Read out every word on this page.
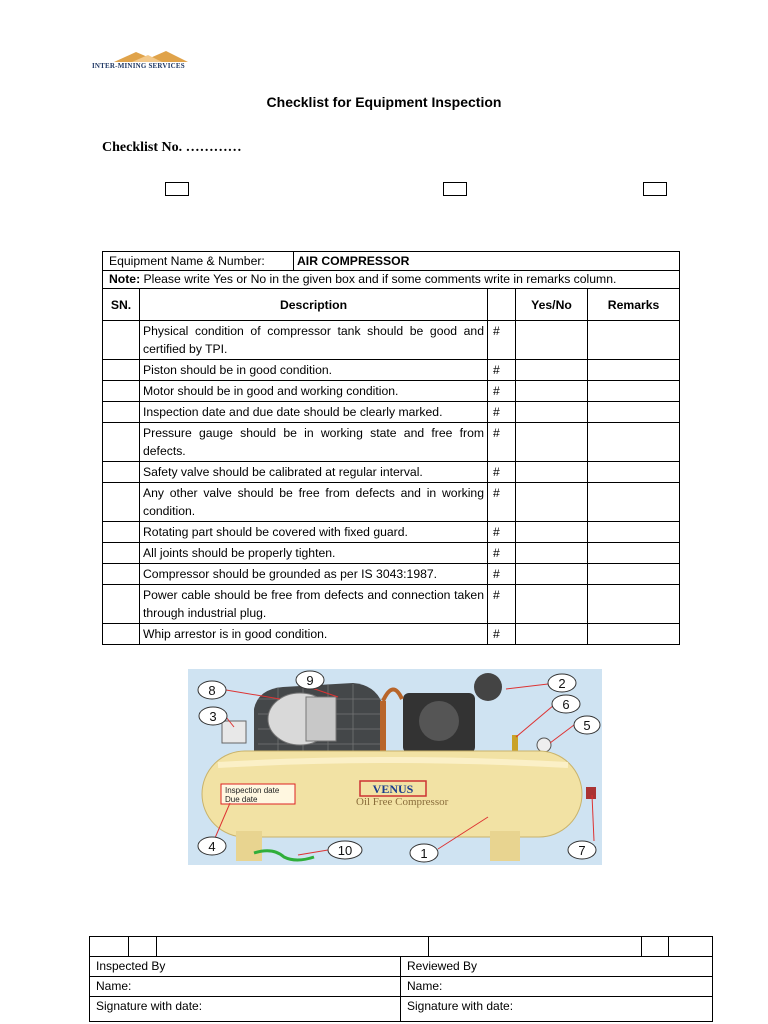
INTER-MINING SERVICES
Checklist for Equipment Inspection
Checklist No. …………
Equipment Name & Number: AIR COMPRESSOR				
Note: Please write Yes or No in the given box and if some comments write in remarks column.				
SN.	Description		Yes/No	Remarks
	Physical condition of compressor tank should be good and certified by TPI.	#		
	Piston should be in good condition.	#		
	Motor should be in good and working condition.	#		
	Inspection date and due date should be clearly marked.	#		
	Pressure gauge should be in working state and free from defects.	#		
	Safety valve should be calibrated at regular interval.	#		
	Any other valve should be free from defects and in working condition.	#		
	Rotating part should be covered with fixed guard.	#		
	All joints should be properly tighten.	#		
	Compressor should be grounded as per IS 3043:1987.	#		
	Power cable should be free from defects and connection taken through industrial plug.	#		
	Whip arrestor is in good condition.	#		
VENUS
Oil Free Compressor
Inspection date
Due date
8
9
3
2
6
5
4	10	1	7

Inspected By			Reviewed By			
Name:			Name:			
Signature with date:			Signature with date:			
